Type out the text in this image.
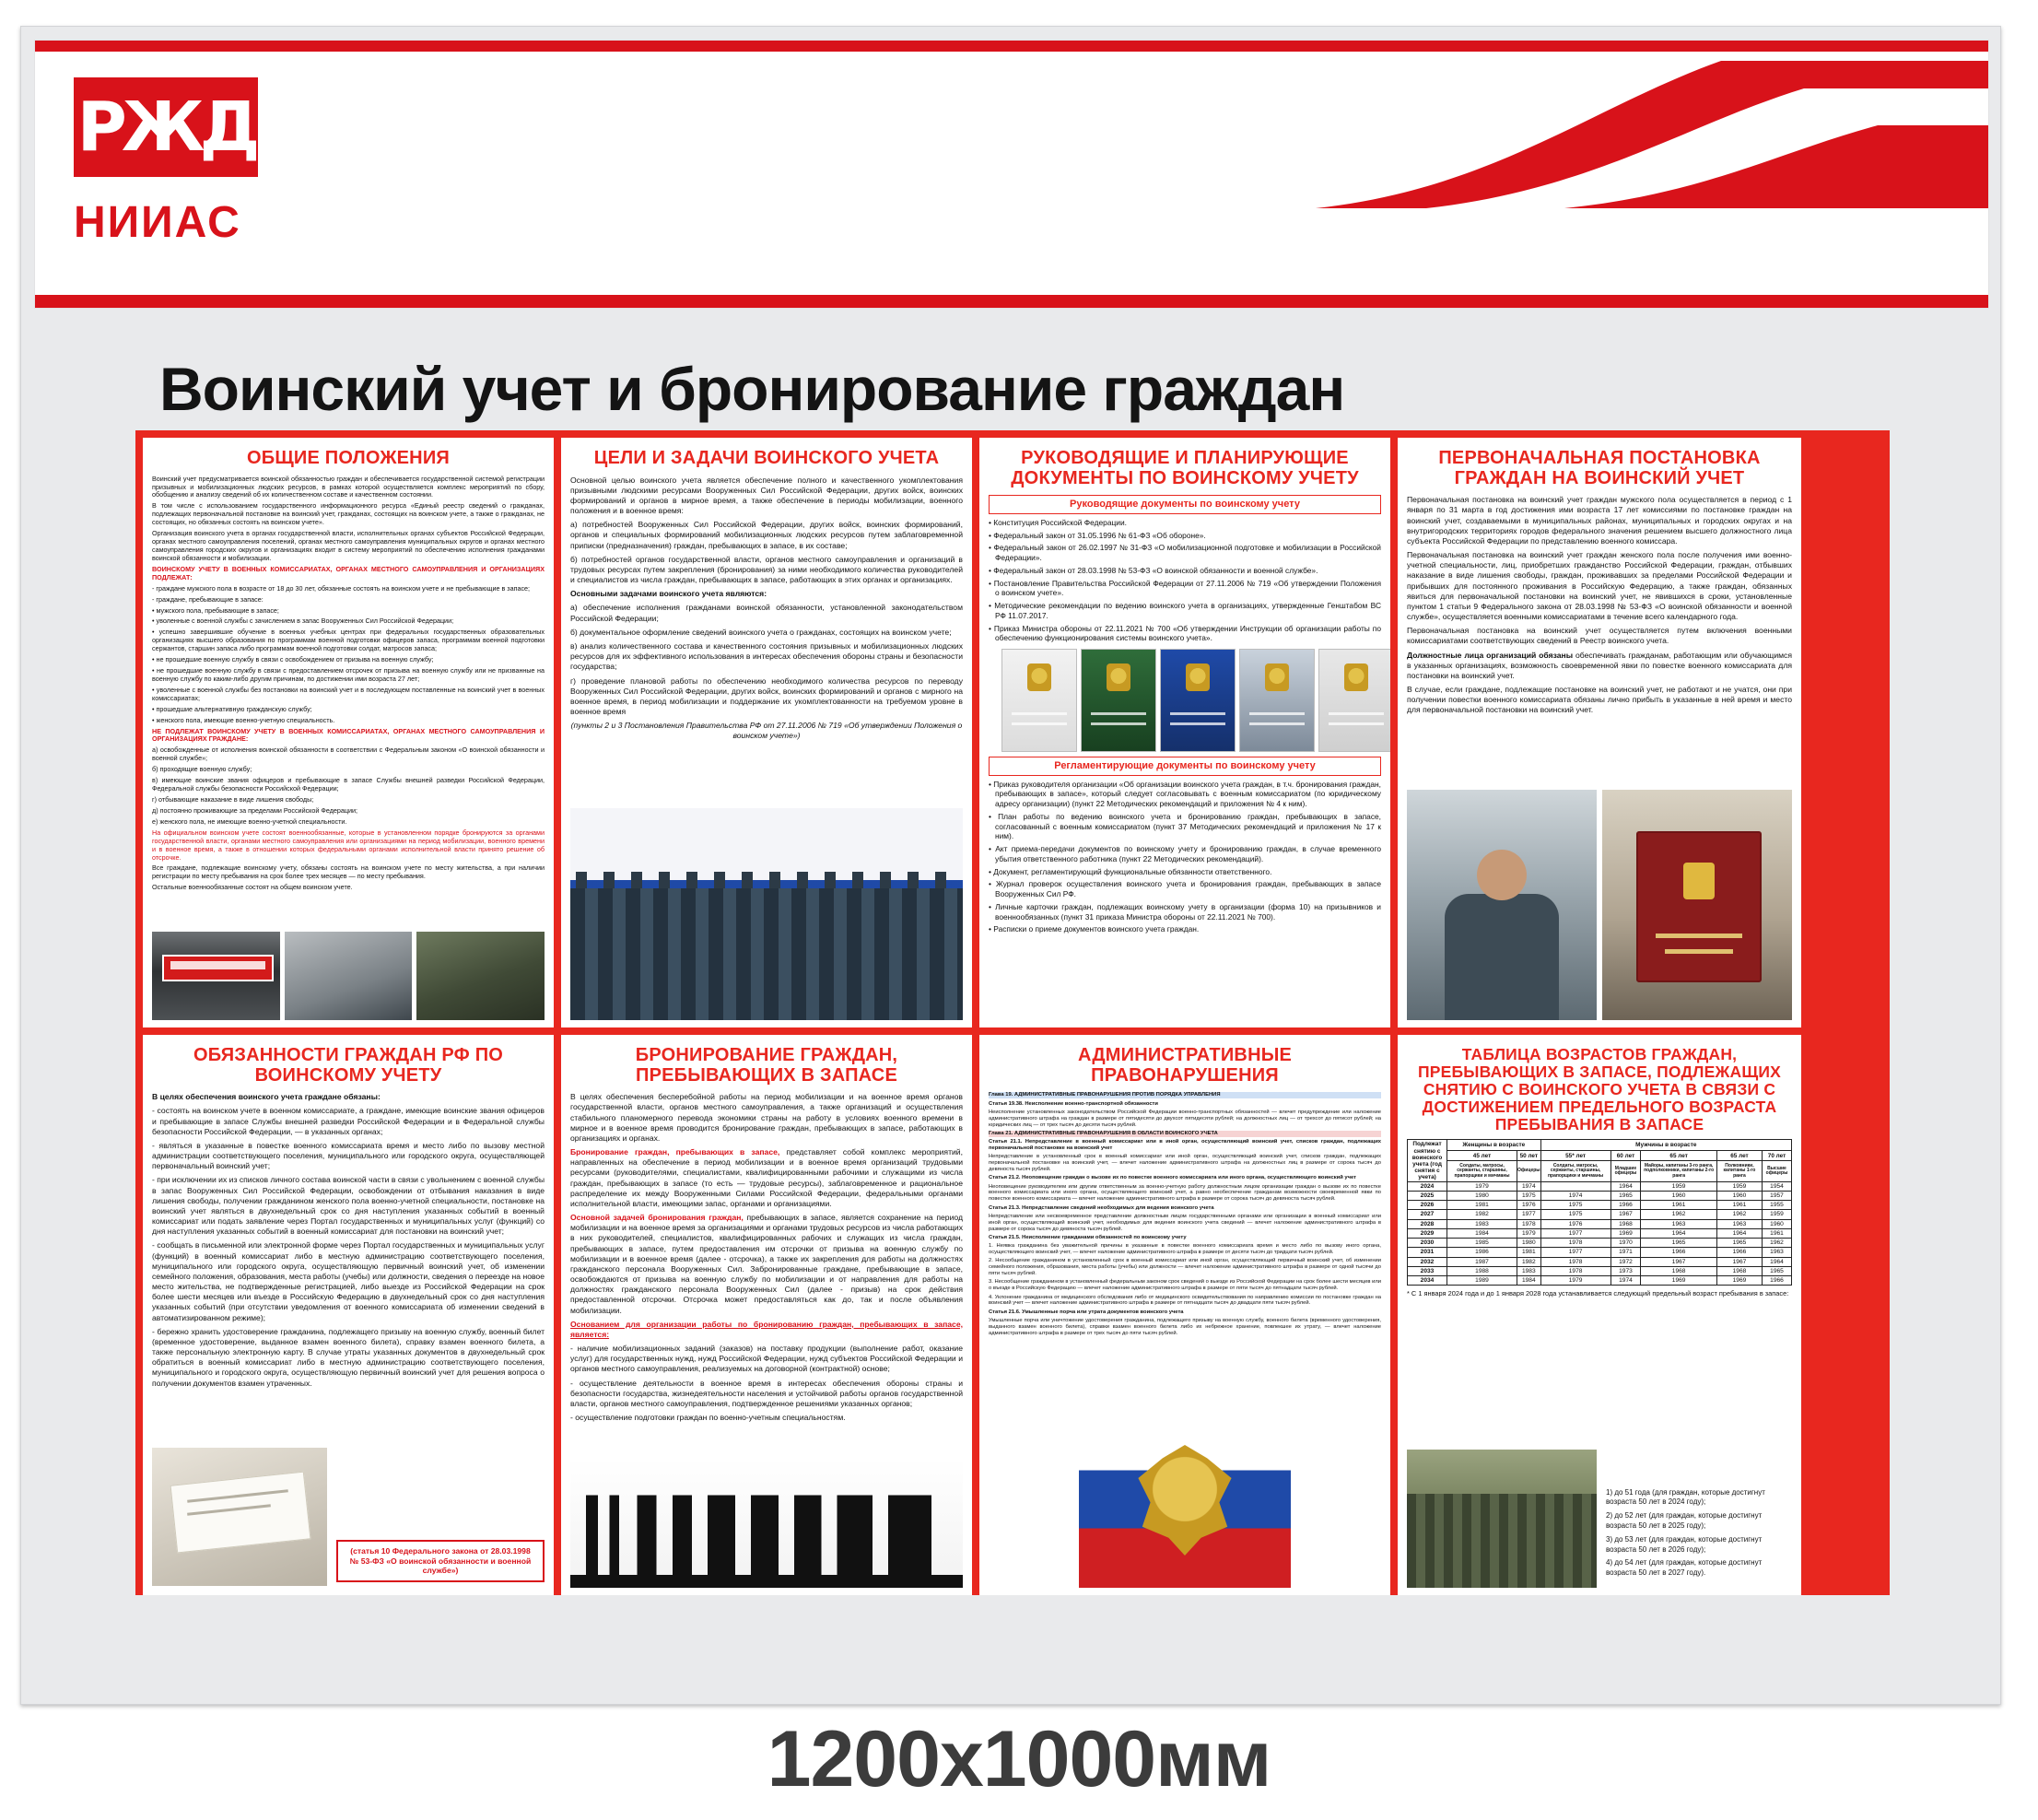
РЖД
НИИАС
Воинский учет и бронирование граждан
ОБЩИЕ ПОЛОЖЕНИЯ

Воинский учет предусматривается воинской обязанностью граждан и обеспечивается государственной системой регистрации призывных и мобилизационных людских ресурсов, в рамках которой осуществляется комплекс мероприятий по сбору, обобщению и анализу сведений об их количественном составе и качественном состоянии.

В том числе с использованием государственного информационного ресурса «Единый реестр сведений о гражданах, подлежащих первоначальной постановке на воинский учет, гражданах, состоящих на воинском учете, а также о гражданах, не состоящих, но обязанных состоять на воинском учете».

Организация воинского учета в органах государственной власти, исполнительных органах субъектов Российской Федерации, органах местного самоуправления поселений, органах местного самоуправления муниципальных округов и органах местного самоуправления городских округов и организациях входит в систему мероприятий по обеспечению исполнения гражданами воинской обязанности и мобилизации.

ВОИНСКОМУ УЧЕТУ В ВОЕННЫХ КОМИССАРИАТАХ, ОРГАНАХ МЕСТНОГО САМОУПРАВЛЕНИЯ И ОРГАНИЗАЦИЯХ ПОДЛЕЖАТ:

- граждане мужского пола в возрасте от 18 до 30 лет, обязанные состоять на воинском учете и не пребывающие в запасе;

- граждане, пребывающие в запасе:

• мужского пола, пребывающие в запасе;

• уволенные с военной службы с зачислением в запас Вооруженных Сил Российской Федерации;

• успешно завершившие обучение в военных учебных центрах при федеральных государственных образовательных организациях высшего образования по программам военной подготовки офицеров запаса, программам военной подготовки сержантов, старшин запаса либо программам военной подготовки солдат, матросов запаса;

• не прошедшие военную службу в связи с освобождением от призыва на военную службу;

• не прошедшие военную службу в связи с предоставлением отсрочек от призыва на военную службу или не призванные на военную службу по каким-либо другим причинам, по достижении ими возраста 27 лет;

• уволенные с военной службы без постановки на воинский учет и в последующем поставленные на воинский учет в военных комиссариатах;

• прошедшие альтернативную гражданскую службу;

• женского пола, имеющие военно-учетную специальность.

НЕ ПОДЛЕЖАТ ВОИНСКОМУ УЧЕТУ В ВОЕННЫХ КОМИССАРИАТАХ, ОРГАНАХ МЕСТНОГО САМОУПРАВЛЕНИЯ И ОРГАНИЗАЦИЯХ ГРАЖДАНЕ:

а) освобожденные от исполнения воинской обязанности в соответствии с Федеральным законом «О воинской обязанности и военной службе»;

б) проходящие военную службу;

в) имеющие воинские звания офицеров и пребывающие в запасе Службы внешней разведки Российской Федерации, Федеральной службы безопасности Российской Федерации;

г) отбывающие наказание в виде лишения свободы;

д) постоянно проживающие за пределами Российской Федерации;

е) женского пола, не имеющие военно-учетной специальности.

На официальном воинском учете состоят военнообязанные, которые в установленном порядке бронируются за органами государственной власти, органами местного самоуправления или организациями на период мобилизации, военного времени и в военное время, а также в отношении которых федеральными органами исполнительной власти принято решение об отсрочке.

Все граждане, подлежащие воинскому учету, обязаны состоять на воинском учете по месту жительства, а при наличии регистрации по месту пребывания на срок более трех месяцев — по месту пребывания.

Остальные военнообязанные состоят на общем воинском учете.

ЦЕЛИ И ЗАДАЧИ ВОИНСКОГО УЧЕТА

Основной целью воинского учета является обеспечение полного и качественного укомплектования призывными людскими ресурсами Вооруженных Сил Российской Федерации, других войск, воинских формирований и органов в мирное время, а также обеспечение в периоды мобилизации, военного положения и в военное время:

а) потребностей Вооруженных Сил Российской Федерации, других войск, воинских формирований, органов и специальных формирований мобилизационных людских ресурсов путем заблаговременной приписки (предназначения) граждан, пребывающих в запасе, в их составе;

б) потребностей органов государственной власти, органов местного самоуправления и организаций в трудовых ресурсах путем закрепления (бронирования) за ними необходимого количества руководителей и специалистов из числа граждан, пребывающих в запасе, работающих в этих органах и организациях.

Основными задачами воинского учета являются:

а) обеспечение исполнения гражданами воинской обязанности, установленной законодательством Российской Федерации;

б) документальное оформление сведений воинского учета о гражданах, состоящих на воинском учете;

в) анализ количественного состава и качественного состояния призывных и мобилизационных людских ресурсов для их эффективного использования в интересах обеспечения обороны страны и безопасности государства;

г) проведение плановой работы по обеспечению необходимого количества ресурсов по переводу Вооруженных Сил Российской Федерации, других войск, воинских формирований и органов с мирного на военное время, в период мобилизации и поддержание их укомплектованности на требуемом уровне в военное время

(пункты 2 и 3 Постановления Правительства РФ от 27.11.2006 № 719 «Об утверждении Положения о воинском учете»)

РУКОВОДЯЩИЕ И ПЛАНИРУЮЩИЕ ДОКУМЕНТЫ ПО ВОИНСКОМУ УЧЕТУ
Руководящие документы по воинскому учету

• Конституция Российской Федерации.

• Федеральный закон от 31.05.1996 № 61-ФЗ «Об обороне».

• Федеральный закон от 26.02.1997 № 31-ФЗ «О мобилизационной подготовке и мобилизации в Российской Федерации».

• Федеральный закон от 28.03.1998 № 53-ФЗ «О воинской обязанности и военной службе».

• Постановление Правительства Российской Федерации от 27.11.2006 № 719 «Об утверждении Положения о воинском учете».

• Методические рекомендации по ведению воинского учета в организациях, утвержденные Генштабом ВС РФ 11.07.2017.

• Приказ Министра обороны от 22.11.2021 № 700 «Об утверждении Инструкции об организации работы по обеспечению функционирования системы воинского учета».

Регламентирующие документы по воинскому учету

• Приказ руководителя организации «Об организации воинского учета граждан, в т.ч. бронирования граждан, пребывающих в запасе», который следует согласовывать с военным комиссариатом (по юридическому адресу организации) (пункт 22 Методических рекомендаций и приложения № 4 к ним).

• План работы по ведению воинского учета и бронированию граждан, пребывающих в запасе, согласованный с военным комиссариатом (пункт 37 Методических рекомендаций и приложения № 17 к ним).

• Акт приема-передачи документов по воинскому учету и бронированию граждан, в случае временного убытия ответственного работника (пункт 22 Методических рекомендаций).

• Документ, регламентирующий функциональные обязанности ответственного.

• Журнал проверок осуществления воинского учета и бронирования граждан, пребывающих в запасе Вооруженных Сил РФ.

• Личные карточки граждан, подлежащих воинскому учету в организации (форма 10) на призывников и военнообязанных (пункт 31 приказа Министра обороны от 22.11.2021 № 700).

• Расписки о приеме документов воинского учета граждан.

ПЕРВОНАЧАЛЬНАЯ ПОСТАНОВКА ГРАЖДАН НА ВОИНСКИЙ УЧЕТ

Первоначальная постановка на воинский учет граждан мужского пола осуществляется в период с 1 января по 31 марта в год достижения ими возраста 17 лет комиссиями по постановке граждан на воинский учет, создаваемыми в муниципальных районах, муниципальных и городских округах и на внутригородских территориях городов федерального значения решением высшего должностного лица субъекта Российской Федерации по представлению военного комиссара.

Первоначальная постановка на воинский учет граждан женского пола после получения ими военно-учетной специальности, лиц, приобретших гражданство Российской Федерации, граждан, отбывших наказание в виде лишения свободы, граждан, проживавших за пределами Российской Федерации и прибывших для постоянного проживания в Российскую Федерацию, а также граждан, обязанных явиться для первоначальной постановки на воинский учет, не явившихся в сроки, установленные пунктом 1 статьи 9 Федерального закона от 28.03.1998 № 53-ФЗ «О воинской обязанности и военной службе», осуществляется военными комиссариатами в течение всего календарного года.

Первоначальная постановка на воинский учет осуществляется путем включения военными комиссариатами соответствующих сведений в Реестр воинского учета.

Должностные лица организаций обязаны обеспечивать гражданам, работающим или обучающимся в указанных организациях, возможность своевременной явки по повестке военного комиссариата для постановки на воинский учет.

В случае, если граждане, подлежащие постановке на воинский учет, не работают и не учатся, они при получении повестки военного комиссариата обязаны лично прибыть в указанные в ней время и место для первоначальной постановки на воинский учет.

ОБЯЗАННОСТИ ГРАЖДАН РФ ПО ВОИНСКОМУ УЧЕТУ

В целях обеспечения воинского учета граждане обязаны:

- состоять на воинском учете в военном комиссариате, а граждане, имеющие воинские звания офицеров и пребывающие в запасе Службы внешней разведки Российской Федерации и в Федеральной службы безопасности Российской Федерации, — в указанных органах;

- являться в указанные в повестке военного комиссариата время и место либо по вызову местной администрации соответствующего поселения, муниципального или городского округа, осуществляющей первоначальный воинский учет;

- при исключении их из списков личного состава воинской части в связи с увольнением с военной службы в запас Вооруженных Сил Российской Федерации, освобождении от отбывания наказания в виде лишения свободы, получении гражданином женского пола военно-учетной специальности, постановке на воинский учет являться в двухнедельный срок со дня наступления указанных событий в военный комиссариат или подать заявление через Портал государственных и муниципальных услуг (функций) со дня наступления указанных событий в военный комиссариат для постановки на воинский учет;

- сообщать в письменной или электронной форме через Портал государственных и муниципальных услуг (функций) в военный комиссариат либо в местную администрацию соответствующего поселения, муниципального или городского округа, осуществляющую первичный воинский учет, об изменении семейного положения, образования, места работы (учебы) или должности, сведения о переезде на новое место жительства, не подтвержденные регистрацией, либо выезде из Российской Федерации на срок более шести месяцев или въезде в Российскую Федерацию в двухнедельный срок со дня наступления указанных событий (при отсутствии уведомления от военного комиссариата об изменении сведений в автоматизированном режиме);

- бережно хранить удостоверение гражданина, подлежащего призыву на военную службу, военный билет (временное удостоверение, выданное взамен военного билета), справку взамен военного билета, а также персональную электронную карту. В случае утраты указанных документов в двухнедельный срок обратиться в военный комиссариат либо в местную администрацию соответствующего поселения, муниципального и городского округа, осуществляющую первичный воинский учет для решения вопроса о получении документов взамен утраченных.

(статья 10 Федерального закона от 28.03.1998

№ 53-ФЗ «О воинской обязанности и военной службе»)

БРОНИРОВАНИЕ ГРАЖДАН, ПРЕБЫВАЮЩИХ В ЗАПАСЕ

В целях обеспечения бесперебойной работы на период мобилизации и на военное время органов государственной власти, органов местного самоуправления, а также организаций и осуществления стабильного планомерного перевода экономики страны на работу в условиях военного времени в мирное и в военное время проводится бронирование граждан, пребывающих в запасе, работающих в организациях и органах.

Бронирование граждан, пребывающих в запасе, представляет собой комплекс мероприятий, направленных на обеспечение в период мобилизации и в военное время организаций трудовыми ресурсами (руководителями, специалистами, квалифицированными рабочими и служащими из числа граждан, пребывающих в запасе (то есть — трудовые ресурсы), заблаговременное и рациональное распределение их между Вооруженными Силами Российской Федерации, федеральными органами исполнительной власти, имеющими запас, органами и организациями.

Основной задачей бронирования граждан, пребывающих в запасе, является сохранение на период мобилизации и на военное время за организациями и органами трудовых ресурсов из числа работающих в них руководителей, специалистов, квалифицированных рабочих и служащих из числа граждан, пребывающих в запасе, путем предоставления им отсрочки от призыва на военную службу по мобилизации и в военное время (далее - отсрочка), а также их закрепления для работы на должностях гражданского персонала Вооруженных Сил. Забронированные граждане, пребывающие в запасе, освобождаются от призыва на военную службу по мобилизации и от направления для работы на должностях гражданского персонала Вооруженных Сил (далее - призыв) на срок действия предоставленной отсрочки. Отсрочка может предоставляться как до, так и после объявления мобилизации.

Основанием для организации работы по бронированию граждан, пребывающих в запасе, является:

- наличие мобилизационных заданий (заказов) на поставку продукции (выполнение работ, оказание услуг) для государственных нужд, нужд Российской Федерации, нужд субъектов Российской Федерации и органов местного самоуправления, реализуемых на договорной (контрактной) основе;

- осуществление деятельности в военное время в интересах обеспечения обороны страны и безопасности государства, жизнедеятельности населения и устойчивой работы органов государственной власти, органов местного самоуправления, подтвержденное решениями указанных органов;

- осуществление подготовки граждан по военно-учетным специальностям.

АДМИНИСТРАТИВНЫЕ ПРАВОНАРУШЕНИЯ

Глава 19. АДМИНИСТРАТИВНЫЕ ПРАВОНАРУШЕНИЯ ПРОТИВ ПОРЯДКА УПРАВЛЕНИЯ

Статья 19.38. Неисполнение военно-транспортной обязанности

Неисполнение установленных законодательством Российской Федерации военно-транспортных обязанностей — влечет предупреждение или наложение административного штрафа на граждан в размере от пятидесяти до двухсот пятидесяти рублей; на должностных лиц — от трехсот до пятисот рублей; на юридических лиц — от трех тысяч до десяти тысяч рублей.

Глава 21. АДМИНИСТРАТИВНЫЕ ПРАВОНАРУШЕНИЯ В ОБЛАСТИ ВОИНСКОГО УЧЕТА

Статья 21.1. Непредставление в военный комиссариат или в иной орган, осуществляющий воинский учет, списков граждан, подлежащих первоначальной постановке на воинский учет

Непредставление в установленный срок в военный комиссариат или иной орган, осуществляющий воинский учет, списков граждан, подлежащих первоначальной постановке на воинский учет, — влечет наложение административного штрафа на должностных лиц в размере от сорока тысяч до девяноста тысяч рублей.

Статья 21.2. Неоповещение граждан о вызове их по повестке военного комиссариата или иного органа, осуществляющего воинский учет

Неоповещение руководителем или другим ответственным за военно-учетную работу должностным лицом организации граждан о вызове их по повестке военного комиссариата или иного органа, осуществляющего воинский учет, а равно необеспечение гражданам возможности своевременной явки по повестке военного комиссариата — влечет наложение административного штрафа в размере от сорока тысяч до девяноста тысяч рублей.

Статья 21.3. Непредставление сведений необходимых для ведения воинского учета

Непредставление или несвоевременное представление должностным лицом государственными органами или организации в военный комиссариат или иной орган, осуществляющий воинский учет, необходимых для ведения воинского учета сведений — влечет наложение административного штрафа в размере от сорока тысяч до девяноста тысяч рублей.

Статья 21.5. Неисполнение гражданами обязанностей по воинскому учету

1. Неявка гражданина без уважительной причины в указанные в повестке военного комиссариата время и место либо по вызову иного органа, осуществляющего воинский учет, — влечет наложение административного штрафа в размере от десяти тысяч до тридцати тысяч рублей.

2. Несообщение гражданином в установленный срок в военный комиссариат или иной орган, осуществляющий первичный воинский учет, об изменении семейного положения, образования, места работы (учебы) или должности — влечет наложение административного штрафа в размере от одной тысячи до пяти тысяч рублей.

3. Несообщение гражданином в установленный федеральным законом срок сведений о выезде из Российской Федерации на срок более шести месяцев или о въезде в Российскую Федерацию — влечет наложение административного штрафа в размере от пяти тысяч до пятнадцати тысяч рублей.

4. Уклонение гражданина от медицинского обследования либо от медицинского освидетельствования по направлению комиссии по постановке граждан на воинский учет — влечет наложение административного штрафа в размере от пятнадцати тысяч до двадцати пяти тысяч рублей.

Статья 21.6. Умышленные порча или утрата документов воинского учета

Умышленные порча или уничтожение удостоверения гражданина, подлежащего призыву на военную службу, военного билета (временного удостоверения, выданного взамен военного билета), справки взамен военного билета либо их небрежное хранение, повлекшее их утрату, — влечет наложение административного штрафа в размере от трех тысяч до пяти тысяч рублей.

ТАБЛИЦА ВОЗРАСТОВ ГРАЖДАН, ПРЕБЫВАЮЩИХ В ЗАПАСЕ, ПОДЛЕЖАЩИХ СНЯТИЮ С ВОИНСКОГО УЧЕТА В СВЯЗИ С ДОСТИЖЕНИЕМ ПРЕДЕЛЬНОГО ВОЗРАСТА ПРЕБЫВАНИЯ В ЗАПАСЕ
Подлежат снятию с воинского учета (год снятия с учета)	Женщины в возрасте		Мужчины в возрасте				
	45 лет	50 лет	55* лет	60 лет	65 лет	65 лет	70 лет
	Солдаты, матросы, сержанты, старшины, прапорщики и мичманы	Офицеры	Солдаты, матросы, сержанты, старшины, прапорщики и мичманы	Младшие офицеры	Майоры, капитаны 3-го ранга, подполковники, капитаны 2-го ранга	Полковники, капитаны 1-го ранга	Высшие офицеры
2024	1979	1974		1964	1959	1959	1954
2025	1980	1975	1974	1965	1960	1960	1957
2026	1981	1976	1975	1966	1961	1961	1955
2027	1982	1977	1975	1967	1962	1962	1959
2028	1983	1978	1976	1968	1963	1963	1960
2029	1984	1979	1977	1969	1964	1964	1961
2030	1985	1980	1978	1970	1965	1965	1962
2031	1986	1981	1977	1971	1966	1966	1963
2032	1987	1982	1978	1972	1967	1967	1964
2033	1988	1983	1978	1973	1968	1968	1965
2034	1989	1984	1979	1974	1969	1969	1966
* С 1 января 2024 года и до 1 января 2028 года устанавливается следующий предельный возраст пребывания в запасе:

1) до 51 года (для граждан, которые достигнут возраста 50 лет в 2024 году);

2) до 52 лет (для граждан, которые достигнут возраста 50 лет в 2025 году);

3) до 53 лет (для граждан, которые достигнут возраста 50 лет в 2026 году);

4) до 54 лет (для граждан, которые достигнут возраста 50 лет в 2027 году).

1200х1000мм
